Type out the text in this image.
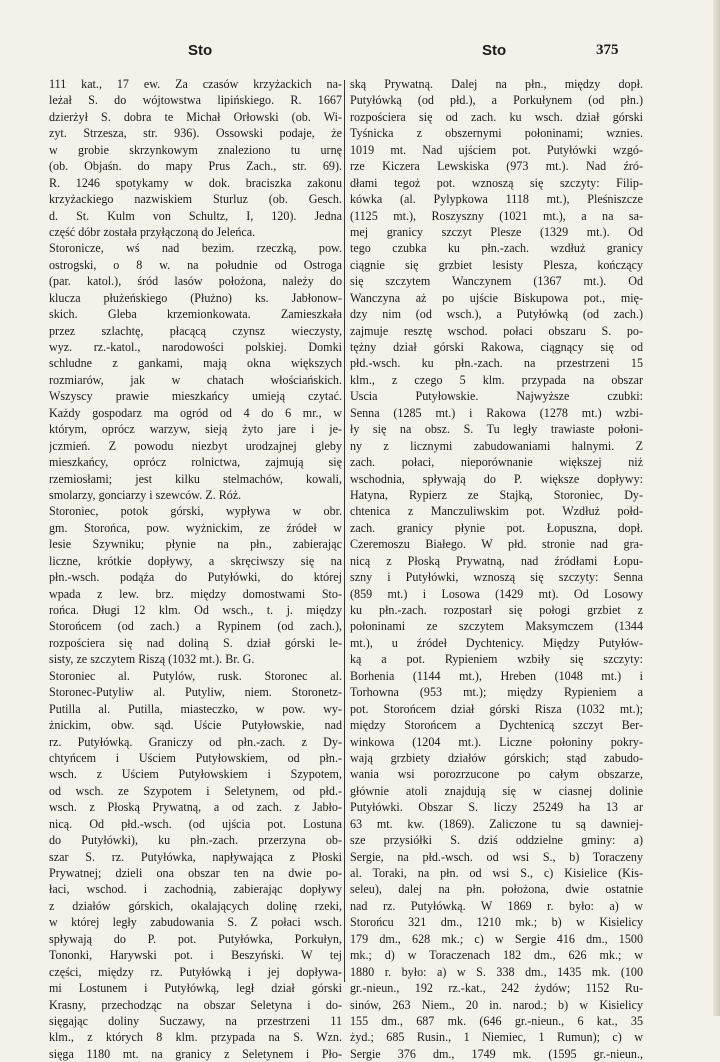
Sto	Sto	375
111 kat., 17 ew. Za czasów krzyżackich na-
leżał S. do wójtowstwa lipińskiego. R. 1667
dzierżył S. dobra te Michał Orłowski (ob. Wi-
zyt. Strzesza, str. 936). Ossowski podaje, że
w grobie skrzynkowym znaleziono tu urnę
(ob. Objaśn. do mapy Prus Zach., str. 69).
R. 1246 spotykamy w dok. braciszka zakonu
krzyżackiego nazwiskiem Sturluz (ob. Gesch.
d. St. Kulm von Schultz, I, 120). Jedna
część dóbr została przyłączoną do Jeleńca.
Storonicze, wś nad bezim. rzeczką, pow.
ostrogski, o 8 w. na południe od Ostroga
(par. katol.), śród lasów położona, należy do
klucza płużeńskiego (Płużno) ks. Jabłonow-
skich. Gleba krzemionkowata. Zamieszkała
przez szlachtę, płacącą czynsz wieczysty,
wyz. rz.-katol., narodowości polskiej. Domki
schludne z gankami, mają okna większych
rozmiarów, jak w chatach włościańskich.
Wszyscy prawie mieszkańcy umieją czytać.
Każdy gospodarz ma ogród od 4 do 6 mr., w
którym, oprócz warzyw, sieją żyto jare i je-
jczmień. Z powodu niezbyt urodzajnej gleby
mieszkańcy, oprócz rolnictwa, zajmują się
rzemiosłami; jest kilku stelmachów, kowali,
smolarzy, gonciarzy i szewców. Z. Róż.
Storoniec, potok górski, wypływa w obr.
gm. Storońca, pow. wyżnickim, ze źródeł w
lesie Szywniku; płynie na płn., zabierając
liczne, krótkie dopływy, a skręciwszy się na
płn.-wsch. podąża do Putyłówki, do której
wpada z lew. brz. między domostwami Sto-
rońca. Długi 12 klm. Od wsch., t. j. między
Storońcem (od zach.) a Rypinem (od zach.),
rozpościera się nad doliną S. dział górski le-
sisty, ze szczytem Riszą (1032 mt.). Br. G.
Storoniec al. Putylów, rusk. Storonec al.
Storonec-Putyliw al. Putyliw, niem. Storonetz-
Putilla al. Putilla, miasteczko, w pow. wy-
żnickim, obw. sąd. Uście Putyłowskie, nad
rz. Putyłówką. Graniczy od płn.-zach. z Dy-
chtyńcem i Uściem Putyłowskiem, od płn.-
wsch. z Uściem Putyłowskiem i Szypotem,
od wsch. ze Szypotem i Seletynem, od płd.-
wsch. z Płoską Prywatną, a od zach. z Jabło-
nicą. Od płd.-wsch. (od ujścia pot. Lostuna
do Putyłówki), ku płn.-zach. przerzyna ob-
szar S. rz. Putyłówka, napływająca z Płoski
Prywatnej; dzieli ona obszar ten na dwie po-
łaci, wschod. i zachodnią, zabierając dopływy
z działów górskich, okalających dolinę rzeki,
w której legły zabudowania S. Z połaci wsch.
spływają do P. pot. Putyłówka, Porkułyn,
Tononki, Harywski pot. i Beszyński. W tej
części, między rz. Putyłówką i jej dopływa-
mi Lostunem i Putyłówką, legł dział górski
Krasny, przechodząc na obszar Seletyna i do-
sięgając doliny Suczawy, na przestrzeni 11
klm., z których 8 klm. przypada na S. Wzn.
sięga 1180 mt. na granicy z Seletynem i Pło-
ską Prywatną. Dalej na płn., między dopł.
Putyłówką (od płd.), a Porkułynem (od płn.)
rozpościera się od zach. ku wsch. dział górski
Tyśnicka z obszernymi połoninami; wznies.
1019 mt. Nad ujściem pot. Putyłówki wzgó-
rze Kiczera Lewskiska (973 mt.). Nad źró-
dłami tegoż pot. wznoszą się szczyty: Filip-
kówka (al. Pylypkowa 1118 mt.), Pleśniszcze
(1125 mt.), Roszyszny (1021 mt.), a na sa-
mej granicy szczyt Plesze (1329 mt.). Od
tego czubka ku płn.-zach. wzdłuż granicy
ciągnie się grzbiet lesisty Plesza, kończący
się szczytem Wanczynem (1367 mt.). Od
Wanczyna aż po ujście Biskupowa pot., mię-
dzy nim (od wsch.), a Putyłówką (od zach.)
zajmuje resztę wschod. połaci obszaru S. po-
tężny dział górski Rakowa, ciągnący się od
płd.-wsch. ku płn.-zach. na przestrzeni 15
klm., z czego 5 klm. przypada na obszar
Uscia Putyłowskie. Najwyższe czubki:
Senna (1285 mt.) i Rakowa (1278 mt.) wzbi-
ły się na obsz. S. Tu legły trawiaste połoni-
ny z licznymi zabudowaniami halnymi. Z
zach. połaci, nieporównanie większej niż
wschodnia, spływają do P. większe dopływy:
Hatyna, Rypierz ze Stajką, Storoniec, Dy-
chtenica z Manczuliwskim pot. Wzdłuż połd-
zach. granicy płynie pot. Łopuszna, dopł.
Czeremoszu Białego. W płd. stronie nad gra-
nicą z Płoską Prywatną, nad źródłami Łopu-
szny i Putyłówki, wznoszą się szczyty: Senna
(859 mt.) i Losowa (1429 mt). Od Losowy
ku płn.-zach. rozpostarł się połogi grzbiet z
połoninami ze szczytem Maksymczem (1344
mt.), u źródeł Dychtenicy. Między Putyłów-
ką a pot. Rypieniem wzbiły się szczyty:
Borhenia (1144 mt.), Hreben (1048 mt.) i
Torhowna (953 mt.); między Rypieniem a
pot. Storońcem dział górski Risza (1032 mt.);
między Storońcem a Dychtenicą szczyt Ber-
winkowa (1204 mt.). Liczne połoniny pokry-
wają grzbiety działów górskich; stąd zabudo-
wania wsi porozrzucone po całym obszarze,
głównie atoli znajdują się w ciasnej dolinie
Putyłówki. Obszar S. liczy 25249 ha 13 ar
63 mt. kw. (1869). Zaliczone tu są dawniej-
sze przysiółki S. dziś oddzielne gminy: a)
Sergie, na płd.-wsch. od wsi S., b) Toraczeny
al. Toraki, na płn. od wsi S., c) Kisielice (Kis-
seleu), dalej na płn. położona, dwie ostatnie
nad rz. Putyłówką. W 1869 r. było: a) w
Storońcu 321 dm., 1210 mk.; b) w Kisielicy
179 dm., 628 mk.; c) w Sergie 416 dm., 1500
mk.; d) w Toraczenach 182 dm., 626 mk.; w
1880 r. było: a) w S. 338 dm., 1435 mk. (100
gr.-nieun., 192 rz.-kat., 242 żydów; 1152 Ru-
sinów, 263 Niem., 20 in. narod.; b) w Kisielicy
155 dm., 687 mk. (646 gr.-nieun., 6 kat., 35
żyd.; 685 Rusin., 1 Niemiec, 1 Rumun); c) w
Sergie 376 dm., 1749 mk. (1595 gr.-nieun.,
